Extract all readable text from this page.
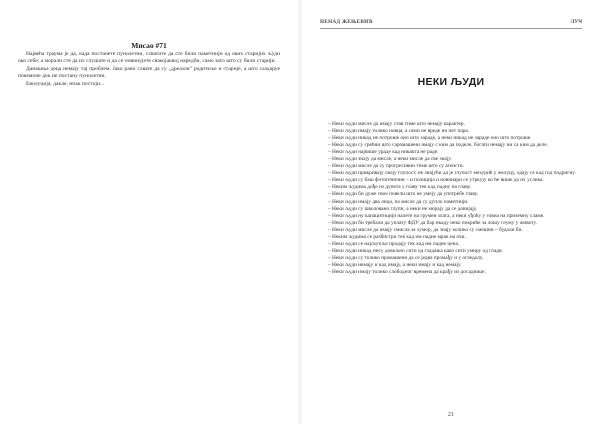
Мисао #71

Највећа траума је да, када постанете пунолетни, схватите да сте били паметнији од ових старијих људи око себе; а морали сте да их слушате и да се повинујете свакојаквој наредби, само зато што су били старији.

Данашња деца немају тај проблем. Јако рано схвате да су „дреазли" родитеље и старије, а што саздаруе покемоне док не постану пунолетни.

Еволуција, дакле, ипак постоји...

НЕНАД ЖЕЊЕВИЋ	ЛУЧ
НЕКИ ЉУДИ
– Неки људи мисле да имају став тиме што немају карактер.
– Неки људи имају толико новца, а сами не вреде ни пет пара.
– Неки људи никад не потроше оно што зараде, а неки никад не зараде оно што потроше.
– Неки људи су срећни што саромашени имају с ким да поделе, богати немају ни са ким да деле.
– Неки људи највише ураде кад никакта не раде.
– Неки људи знају да мисле, а неки мисле да све знају.
– Неки људи мисле да су прогресивни тиме што су атеисти.
– Неки људи прикривају своју глупост, не знајући да је глупост мехурић у желуцу, одају се кад год подригну.
– Неки људи су баш фотогенични – и полиција и новинари се утркују ко ће више да их услика.
– Неким људима дође из дупета у главу тек кад падну на главу.
– Неки људи би дуже свое повели што не умеју да употребе главу.
– Неки људи имају два лица, па мисле да су дупло паметнији.
– Неки људи су школовано глупи, а неки не морају да се довијају.
– Неки људи ну капацитицији налете на грумен злата, а неки уђоћу у говна на приземну сламе.
– Неки људи би требали да уплату ФДУ да бар нкаду неко покриће за лошу глуму у животу.
– Неки људи мисле да имају смисла за хумор, да знају колико су смешни – будали би.
– Неким људима се разбистри тек кад им падне мрак на очи.
– Неки људи се најскупље продају тек кад им падне цена.
– Неки људи никад нису довољно сити од гладања како сити умиру од глади.
– Неки људи су толико промашени да се једва промађу и у огледалу.
– Неки људи немају и кад имају, а неки имају и кад немају.
– Неки људи имају толико слободног времена да крађу из досаднице.
21
